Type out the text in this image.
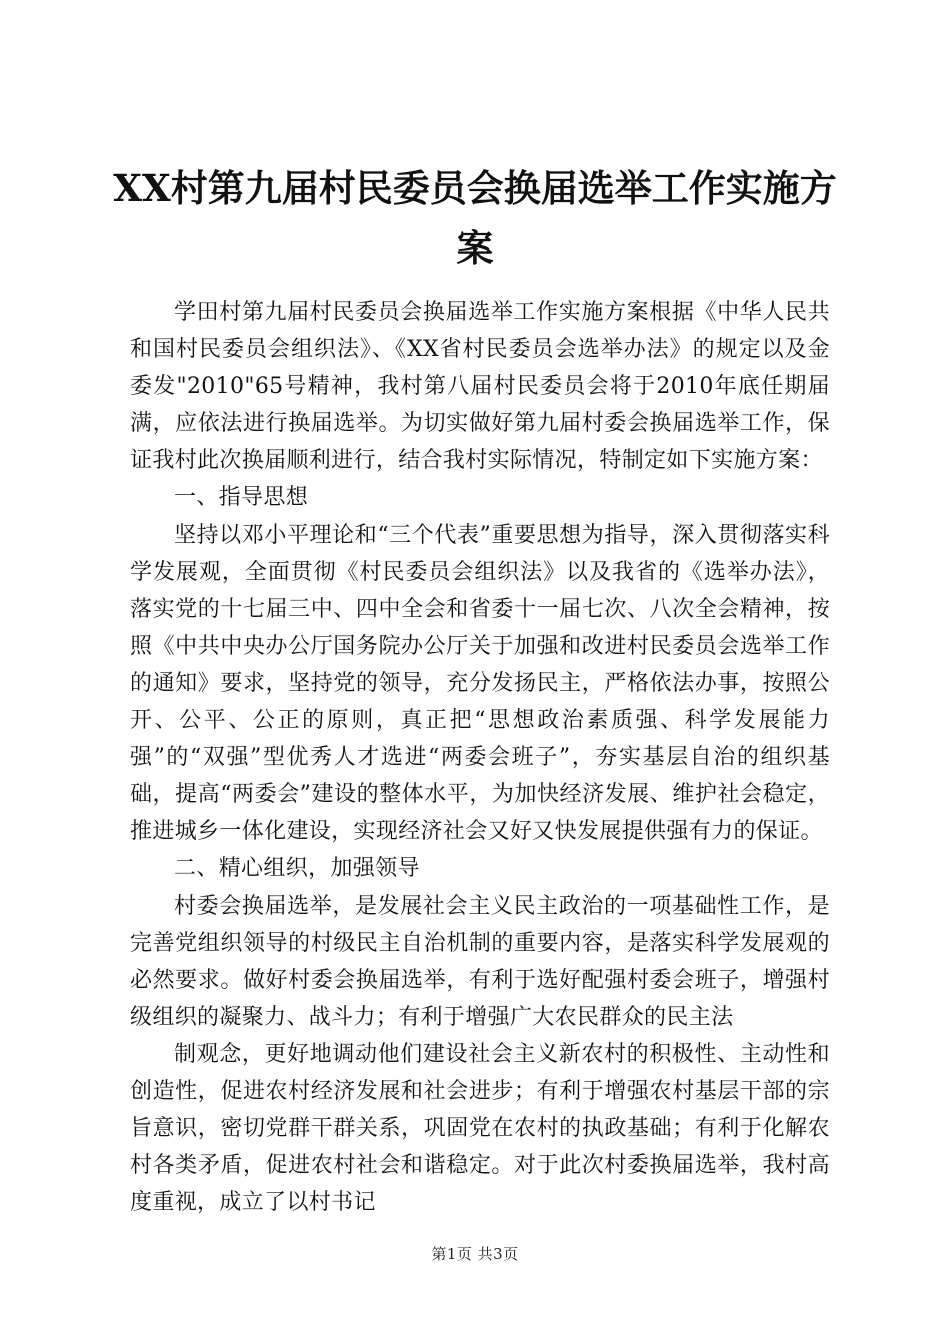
XX村第九届村民委员会换届选举工作实施方案

学田村第九届村民委员会换届选举工作实施方案根据《中华人民共和国村民委员会组织法》、《XX省村民委员会选举办法》的规定以及金委发"2010"65号精神，我村第八届村民委员会将于2010年底任期届满，应依法进行换届选举。为切实做好第九届村委会换届选举工作，保证我村此次换届顺利进行，结合我村实际情况，特制定如下实施方案：

一、指导思想

坚持以邓小平理论和“三个代表”重要思想为指导，深入贯彻落实科学发展观，全面贯彻《村民委员会组织法》以及我省的《选举办法》，落实党的十七届三中、四中全会和省委十一届七次、八次全会精神，按照《中共中央办公厅国务院办公厅关于加强和改进村民委员会选举工作的通知》要求，坚持党的领导，充分发扬民主，严格依法办事，按照公开、公平、公正的原则，真正把“思想政治素质强、科学发展能力强”的“双强”型优秀人才选进“两委会班子”，夯实基层自治的组织基础，提高“两委会”建设的整体水平，为加快经济发展、维护社会稳定，推进城乡一体化建设，实现经济社会又好又快发展提供强有力的保证。

二、精心组织，加强领导

村委会换届选举，是发展社会主义民主政治的一项基础性工作，是完善党组织领导的村级民主自治机制的重要内容，是落实科学发展观的必然要求。做好村委会换届选举，有利于选好配强村委会班子，增强村级组织的凝聚力、战斗力；有利于增强广大农民群众的民主法

制观念，更好地调动他们建设社会主义新农村的积极性、主动性和创造性，促进农村经济发展和社会进步；有利于增强农村基层干部的宗旨意识，密切党群干群关系，巩固党在农村的执政基础；有利于化解农村各类矛盾，促进农村社会和谐稳定。对于此次村委换届选举，我村高度重视，成立了以村书记

第1页 共3页
